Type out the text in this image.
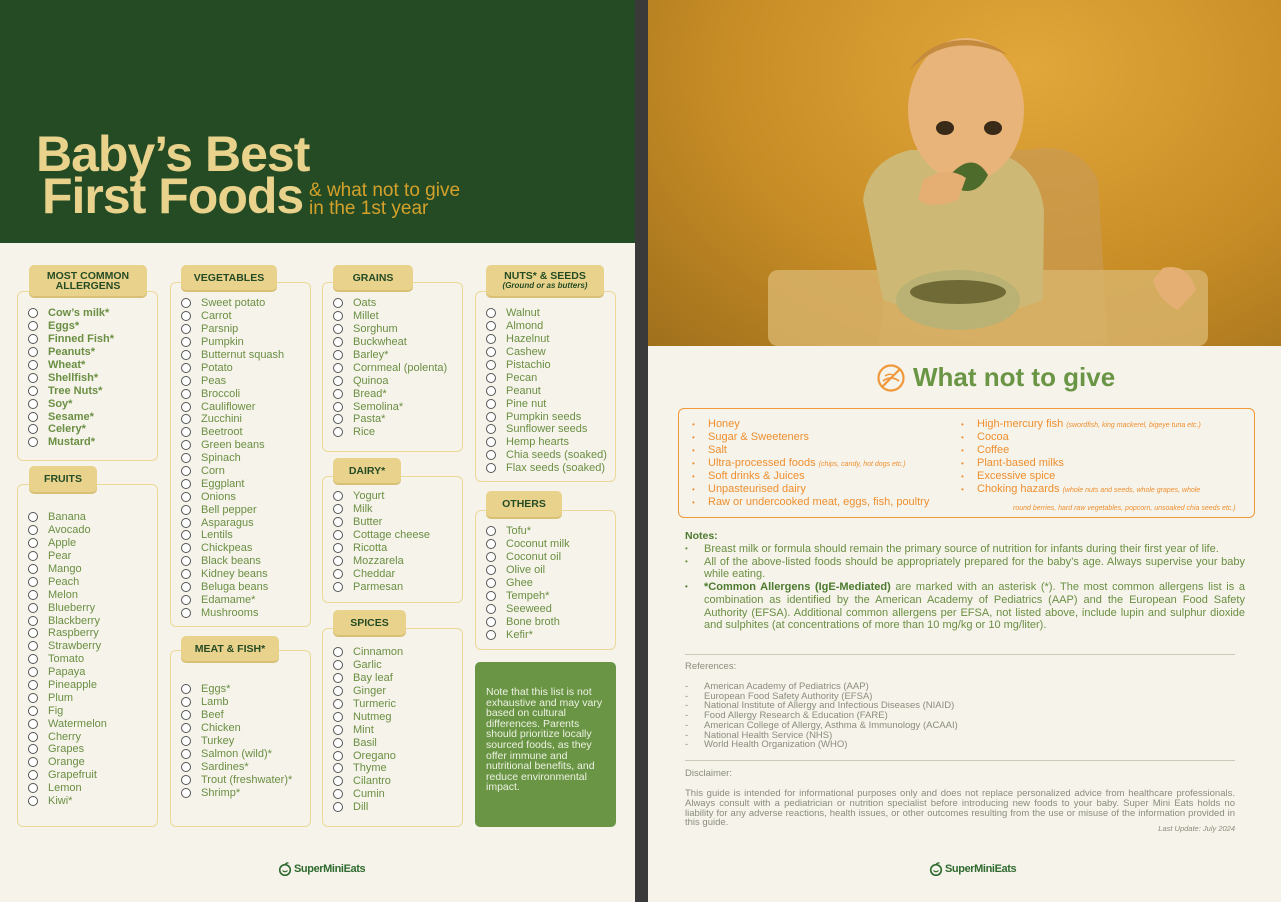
Baby’s Best
First Foods & what not to give
in the 1st year
MOST COMMON
ALLERGENS
Cow’s milk*
Eggs*
Finned Fish*
Peanuts*
Wheat*
Shellfish*
Tree Nuts*
Soy*
Sesame*
Celery*
Mustard*
FRUITS
Banana
Avocado
Apple
Pear
Mango
Peach
Melon
Blueberry
Blackberry
Raspberry
Strawberry
Tomato
Papaya
Pineapple
Plum
Fig
Watermelon
Cherry
Grapes
Orange
Grapefruit
Lemon
Kiwi*
VEGETABLES
Sweet potato
Carrot
Parsnip
Pumpkin
Butternut squash
Potato
Peas
Broccoli
Cauliflower
Zucchini
Beetroot
Green beans
Spinach
Corn
Eggplant
Onions
Bell pepper
Asparagus
Lentils
Chickpeas
Black beans
Kidney beans
Beluga beans
Edamame*
Mushrooms
MEAT & FISH*
Eggs*
Lamb
Beef
Chicken
Turkey
Salmon (wild)*
Sardines*
Trout (freshwater)*
Shrimp*
GRAINS
Oats
Millet
Sorghum
Buckwheat
Barley*
Cornmeal (polenta)
Quinoa
Bread*
Semolina*
Pasta*
Rice
DAIRY*
Yogurt
Milk
Butter
Cottage cheese
Ricotta
Mozzarela
Cheddar
Parmesan
SPICES
Cinnamon
Garlic
Bay leaf
Ginger
Turmeric
Nutmeg
Mint
Basil
Oregano
Thyme
Cilantro
Cumin
Dill
NUTS* & SEEDS
(Ground or as butters)
Walnut
Almond
Hazelnut
Cashew
Pistachio
Pecan
Peanut
Pine nut
Pumpkin seeds
Sunflower seeds
Hemp hearts
Chia seeds (soaked)
Flax seeds (soaked)
OTHERS
Tofu*
Coconut milk
Coconut oil
Olive oil
Ghee
Tempeh*
Seeweed
Bone broth
Kefir*
Note that this list is not exhaustive and may vary based on cultural differences. Parents should prioritize locally sourced foods, as they offer immune and nutritional benefits, and reduce environmental impact.
SuperMiniEats
What not to give
•	Honey
•	Sugar & Sweeteners
•	Salt
•	Ultra-processed foods (chips, candy, hot dogs etc.)
•	Soft drinks & Juices
•	Unpasteurised dairy
•	Raw or undercooked meat, eggs, fish, poultry
•	High-mercury fish (swordfish, king mackerel, bigeye tuna etc.)
•	Cocoa
•	Coffee
•	Plant-based milks
•	Excessive spice
•	Choking hazards (whole nuts and seeds, whole grapes, whole
round berries, hard raw vegetables, popcorn, unsoaked chia seeds etc.)
Notes:
•	Breast milk or formula should remain the primary source of nutrition for infants during their first year of life.
•	All of the above-listed foods should be appropriately prepared for the baby’s age. Always supervise your baby while eating.
•	*Common Allergens (IgE-Mediated) are marked with an asterisk (*). The most common allergens list is a combination as identified by the American Academy of Pediatrics (AAP) and the European Food Safety Authority (EFSA). Additional common allergens per EFSA, not listed above, include lupin and sulphur dioxide and sulphites (at concentrations of more than 10 mg/kg or 10 mg/liter).
References:
-	American Academy of Pediatrics (AAP)
-	European Food Safety Authority (EFSA)
-	National Institute of Allergy and Infectious Diseases (NIAID)
-	Food Allergy Research & Education (FARE)
-	American College of Allergy, Asthma & Immunology (ACAAI)
-	National Health Service (NHS)
-	World Health Organization (WHO)
Disclaimer:
This guide is intended for informational purposes only and does not replace personalized advice from healthcare professionals. Always consult with a pediatrician or nutrition specialist before introducing new foods to your baby. Super Mini Eats holds no liability for any adverse reactions, health issues, or other outcomes resulting from the use or misuse of the information provided in this guide.
Last Update: July 2024
SuperMiniEats
